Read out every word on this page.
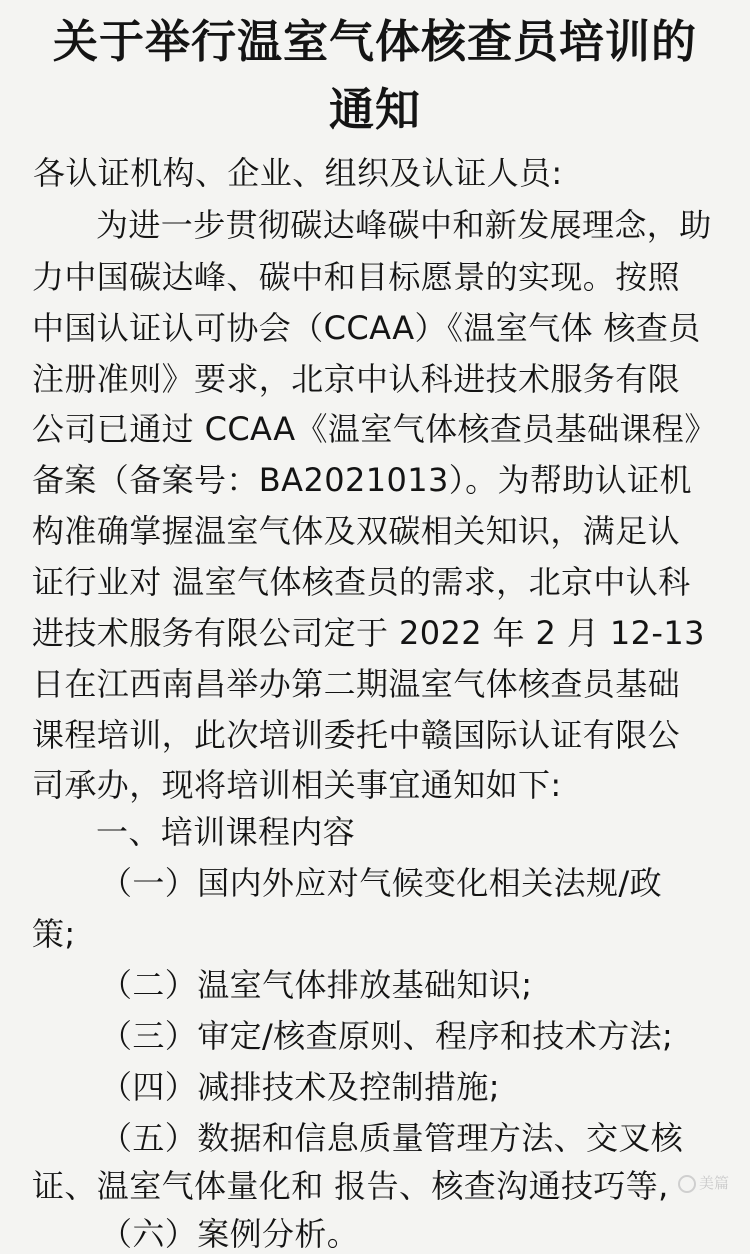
关于举行温室气体核查员培训的
通知
各认证机构、企业、组织及认证人员:
为进一步贯彻碳达峰碳中和新发展理念，助
力中国碳达峰、碳中和目标愿景的实现。按照
中国认证认可协会（CCAA）《温室气体 核查员
注册准则》要求，北京中认科进技术服务有限
公司已通过 CCAA《温室气体核查员基础课程》
备案（备案号：BA2021013）。为帮助认证机
构准确掌握温室气体及双碳相关知识，满足认
证行业对 温室气体核查员的需求，北京中认科
进技术服务有限公司定于 2022 年 2 月 12-13
日在江西南昌举办第二期温室气体核查员基础
课程培训，此次培训委托中赣国际认证有限公
司承办，现将培训相关事宜通知如下:
一、培训课程内容
（一）国内外应对气候变化相关法规/政
策;
（二）温室气体排放基础知识;
（三）审定/核查原则、程序和技术方法;
（四）减排技术及控制措施;
（五）数据和信息质量管理方法、交叉核
证、温室气体量化和 报告、核查沟通技巧等,
（六）案例分析。
美篇
